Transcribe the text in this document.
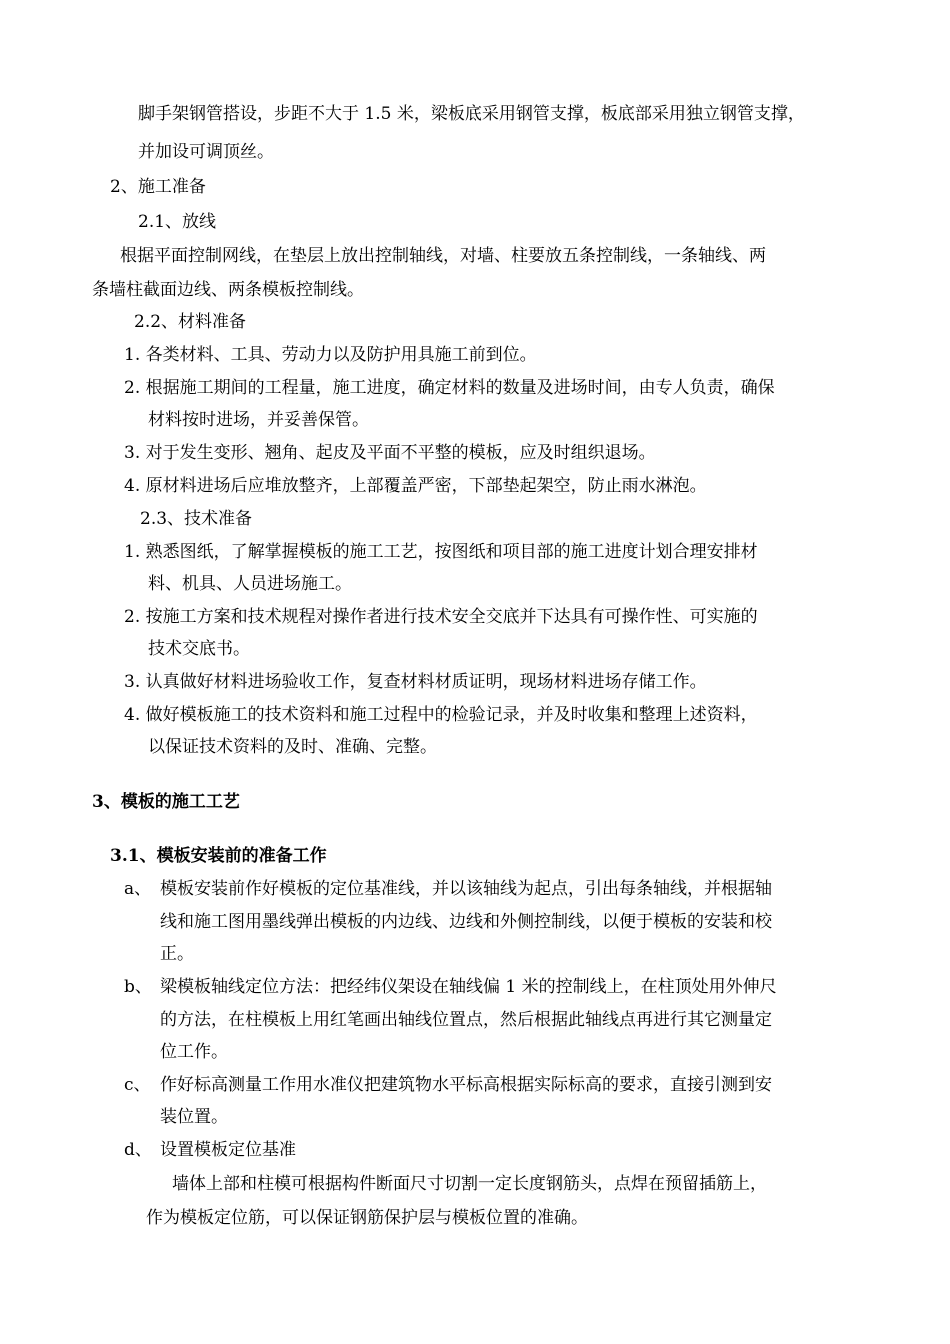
脚手架钢管搭设，步距不大于 1.5 米，梁板底采用钢管支撑，板底部采用独立钢管支撑，
并加设可调顶丝。
2、施工准备
2.1、放线
根据平面控制网线，在垫层上放出控制轴线，对墙、柱要放五条控制线，一条轴线、两
条墙柱截面边线、两条模板控制线。
2.2、材料准备
1. 各类材料、工具、劳动力以及防护用具施工前到位。
2. 根据施工期间的工程量，施工进度，确定材料的数量及进场时间，由专人负责，确保
材料按时进场，并妥善保管。
3. 对于发生变形、翘角、起皮及平面不平整的模板，应及时组织退场。
4. 原材料进场后应堆放整齐，上部覆盖严密，下部垫起架空，防止雨水淋泡。
2.3、技术准备
1. 熟悉图纸，了解掌握模板的施工工艺，按图纸和项目部的施工进度计划合理安排材
料、机具、人员进场施工。
2. 按施工方案和技术规程对操作者进行技术安全交底并下达具有可操作性、可实施的
技术交底书。
3. 认真做好材料进场验收工作，复查材料材质证明，现场材料进场存储工作。
4. 做好模板施工的技术资料和施工过程中的检验记录，并及时收集和整理上述资料，
以保证技术资料的及时、准确、完整。
3、模板的施工工艺
3.1、模板安装前的准备工作
a、 模板安装前作好模板的定位基准线，并以该轴线为起点，引出每条轴线，并根据轴
线和施工图用墨线弹出模板的内边线、边线和外侧控制线，以便于模板的安装和校
正。
b、 梁模板轴线定位方法：把经纬仪架设在轴线偏 1 米的控制线上，在柱顶处用外伸尺
的方法，在柱模板上用红笔画出轴线位置点，然后根据此轴线点再进行其它测量定
位工作。
c、 作好标高测量工作用水准仪把建筑物水平标高根据实际标高的要求，直接引测到安
装位置。
d、 设置模板定位基准
墙体上部和柱模可根据构件断面尺寸切割一定长度钢筋头，点焊在预留插筋上，
作为模板定位筋，可以保证钢筋保护层与模板位置的准确。
